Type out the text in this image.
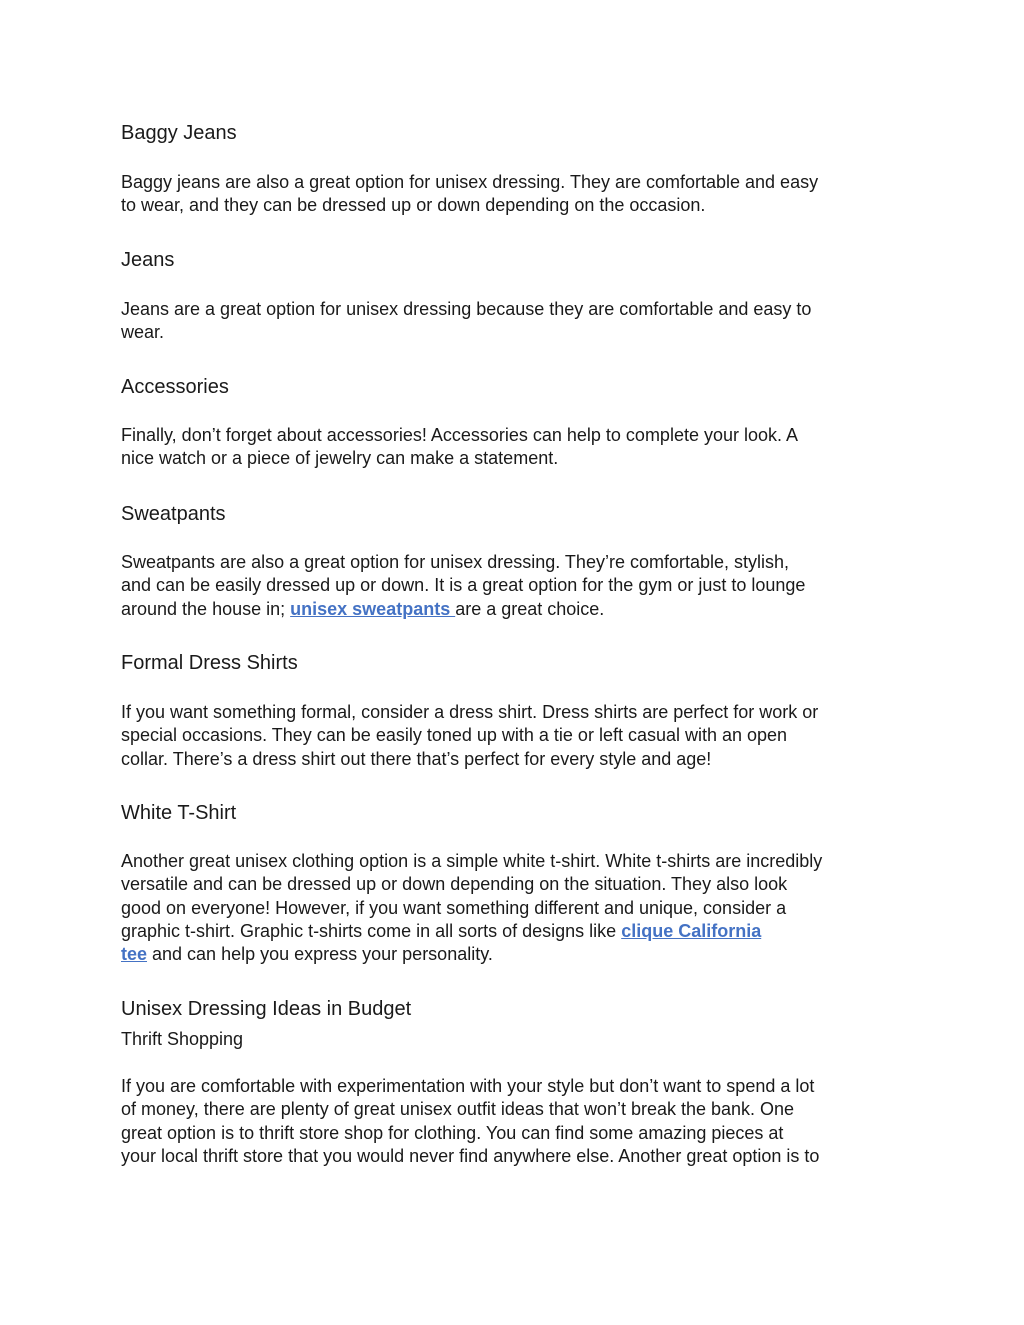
Baggy Jeans
Baggy jeans are also a great option for unisex dressing. They are comfortable and easy
to wear, and they can be dressed up or down depending on the occasion.
Jeans
Jeans are a great option for unisex dressing because they are comfortable and easy to
wear.
Accessories
Finally, don’t forget about accessories! Accessories can help to complete your look. A
nice watch or a piece of jewelry can make a statement.
Sweatpants
Sweatpants are also a great option for unisex dressing. They’re comfortable, stylish,
and can be easily dressed up or down. It is a great option for the gym or just to lounge
around the house in; unisex sweatpants are a great choice.
Formal Dress Shirts
If you want something formal, consider a dress shirt. Dress shirts are perfect for work or
special occasions. They can be easily toned up with a tie or left casual with an open
collar. There’s a dress shirt out there that’s perfect for every style and age!
White T-Shirt
Another great unisex clothing option is a simple white t-shirt. White t-shirts are incredibly
versatile and can be dressed up or down depending on the situation. They also look
good on everyone! However, if you want something different and unique, consider a
graphic t-shirt. Graphic t-shirts come in all sorts of designs like clique California
tee and can help you express your personality.
Unisex Dressing Ideas in Budget
Thrift Shopping
If you are comfortable with experimentation with your style but don’t want to spend a lot
of money, there are plenty of great unisex outfit ideas that won’t break the bank. One
great option is to thrift store shop for clothing. You can find some amazing pieces at
your local thrift store that you would never find anywhere else. Another great option is to
